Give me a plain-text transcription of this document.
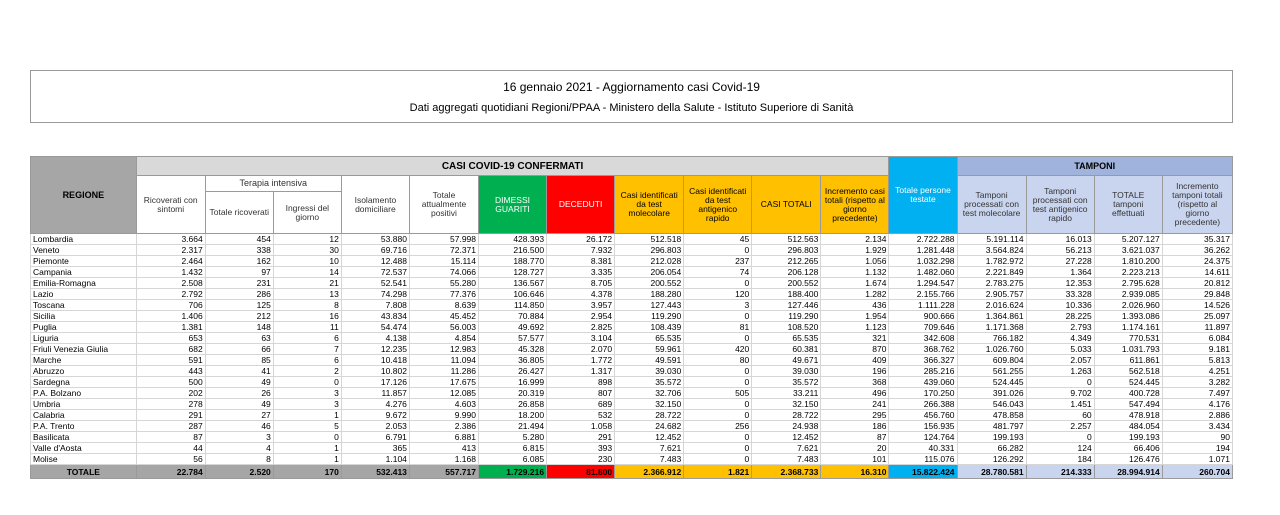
16 gennaio 2021 - Aggiornamento casi Covid-19
Dati aggregati quotidiani Regioni/PPAA - Ministero della Salute - Istituto Superiore di Sanità
REGIONE	CASI COVID-19 CONFERMATI											Totale persone testate	TAMPONI			
	Ricoverati con sintomi	Terapia intensiva		Isolamento domiciliare	Totale attualmente positivi	DIMESSI GUARITI	DECEDUTI	Casi identificati da test molecolare	Casi identificati da test antigenico rapido	CASI TOTALI	Incremento casi totali (rispetto al giorno precedente)		Tamponi processati con test molecolare	Tamponi processati con test antigenico rapido	TOTALE tamponi effettuati	Incremento tamponi totali (rispetto al giorno precedente)
		Totale ricoverati	Ingressi del giorno													
Lombardia	3.664	454	12	53.880	57.998	428.393	26.172	512.518	45	512.563	2.134	2.722.288	5.191.114	16.013	5.207.127	35.317
Veneto	2.317	338	30	69.716	72.371	216.500	7.932	296.803	0	296.803	1.929	1.281.448	3.564.824	56.213	3.621.037	36.262
Piemonte	2.464	162	10	12.488	15.114	188.770	8.381	212.028	237	212.265	1.056	1.032.298	1.782.972	27.228	1.810.200	24.375
Campania	1.432	97	14	72.537	74.066	128.727	3.335	206.054	74	206.128	1.132	1.482.060	2.221.849	1.364	2.223.213	14.611
Emilia-Romagna	2.508	231	21	52.541	55.280	136.567	8.705	200.552	0	200.552	1.674	1.294.547	2.783.275	12.353	2.795.628	20.812
Lazio	2.792	286	13	74.298	77.376	106.646	4.378	188.280	120	188.400	1.282	2.155.766	2.905.757	33.328	2.939.085	29.848
Toscana	706	125	8	7.808	8.639	114.850	3.957	127.443	3	127.446	436	1.111.228	2.016.624	10.336	2.026.960	14.526
Sicilia	1.406	212	16	43.834	45.452	70.884	2.954	119.290	0	119.290	1.954	900.666	1.364.861	28.225	1.393.086	25.097
Puglia	1.381	148	11	54.474	56.003	49.692	2.825	108.439	81	108.520	1.123	709.646	1.171.368	2.793	1.174.161	11.897
Liguria	653	63	6	4.138	4.854	57.577	3.104	65.535	0	65.535	321	342.608	766.182	4.349	770.531	6.084
Friuli Venezia Giulia	682	66	7	12.235	12.983	45.328	2.070	59.961	420	60.381	870	368.762	1.026.760	5.033	1.031.793	9.181
Marche	591	85	6	10.418	11.094	36.805	1.772	49.591	80	49.671	409	366.327	609.804	2.057	611.861	5.813
Abruzzo	443	41	2	10.802	11.286	26.427	1.317	39.030	0	39.030	196	285.216	561.255	1.263	562.518	4.251
Sardegna	500	49	0	17.126	17.675	16.999	898	35.572	0	35.572	368	439.060	524.445	0	524.445	3.282
P.A. Bolzano	202	26	3	11.857	12.085	20.319	807	32.706	505	33.211	496	170.250	391.026	9.702	400.728	7.497
Umbria	278	49	3	4.276	4.603	26.858	689	32.150	0	32.150	241	266.388	546.043	1.451	547.494	4.176
Calabria	291	27	1	9.672	9.990	18.200	532	28.722	0	28.722	295	456.760	478.858	60	478.918	2.886
P.A. Trento	287	46	5	2.053	2.386	21.494	1.058	24.682	256	24.938	186	156.935	481.797	2.257	484.054	3.434
Basilicata	87	3	0	6.791	6.881	5.280	291	12.452	0	12.452	87	124.764	199.193	0	199.193	90
Valle d'Aosta	44	4	1	365	413	6.815	393	7.621	0	7.621	20	40.331	66.282	124	66.406	194
Molise	56	8	1	1.104	1.168	6.085	230	7.483	0	7.483	101	115.076	126.292	184	126.476	1.071
TOTALE	22.784	2.520	170	532.413	557.717	1.729.216	81.800	2.366.912	1.821	2.368.733	16.310	15.822.424	28.780.581	214.333	28.994.914	260.704
